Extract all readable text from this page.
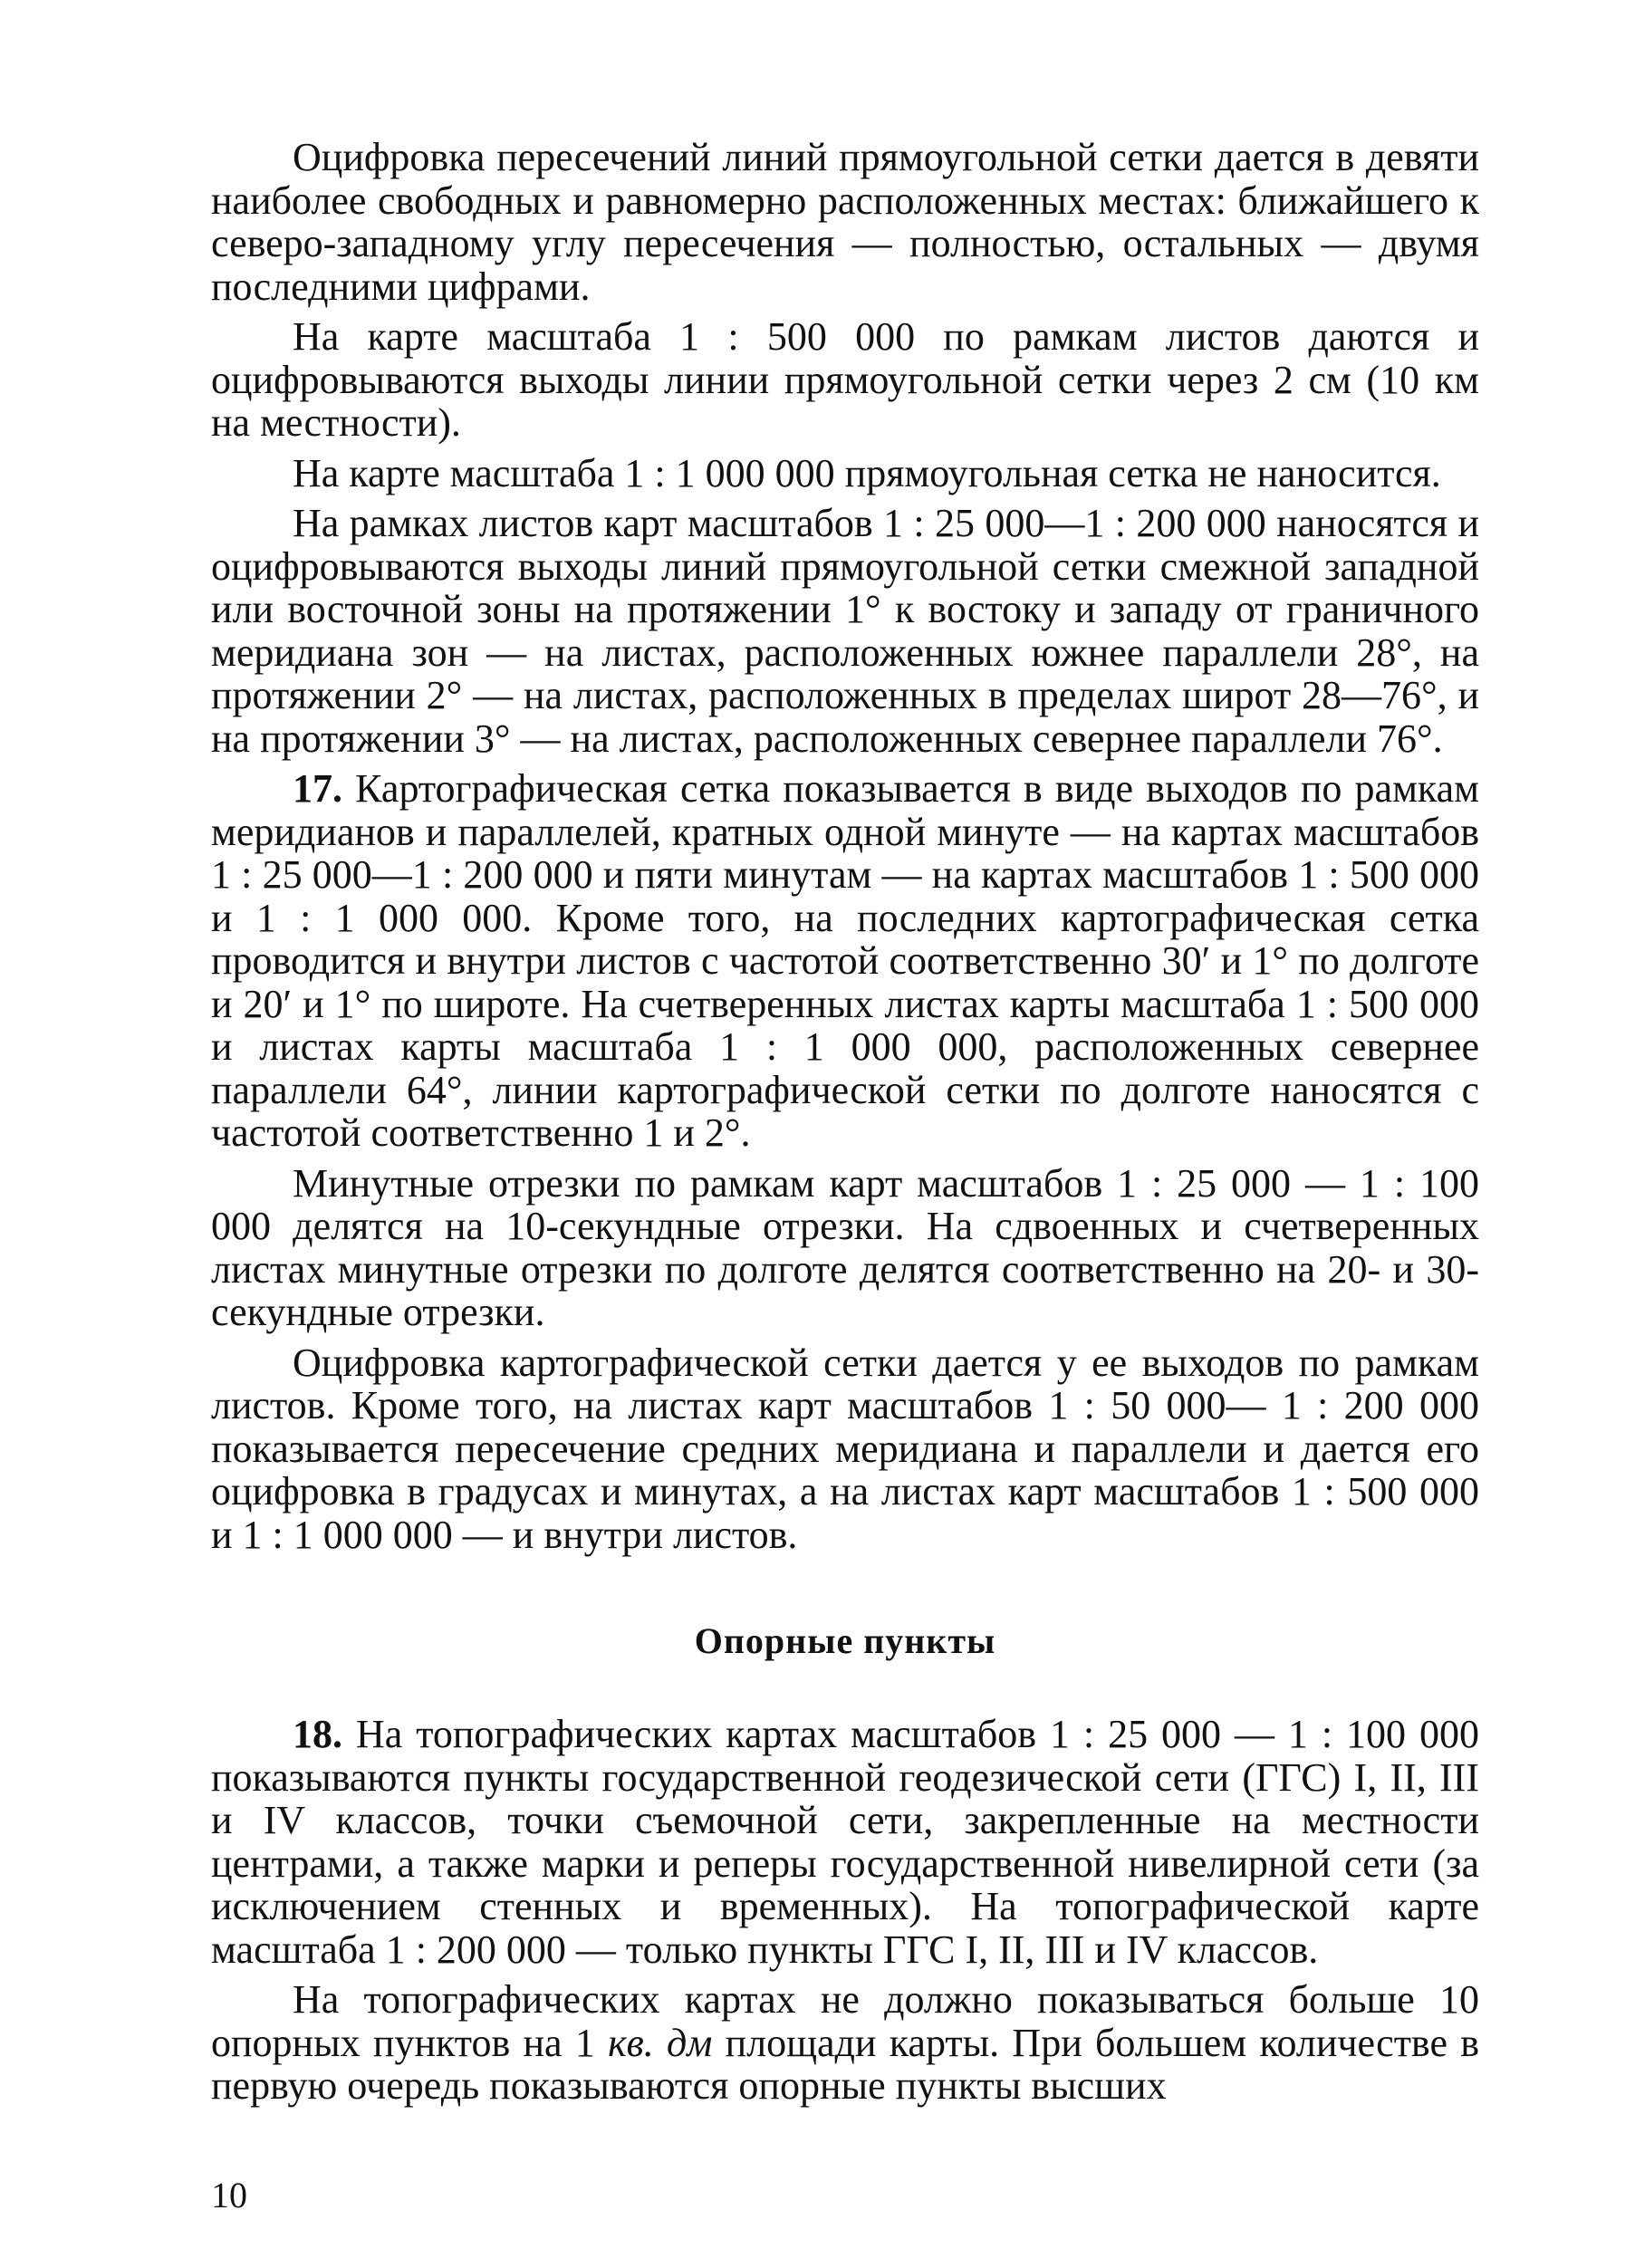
Оцифровка пересечений линий прямоугольной сетки дается в девяти наиболее свободных и равномерно расположенных местах: ближайшего к северо-западному углу пересечения — полностью, остальных — двумя последними цифрами.

На карте масштаба 1 : 500 000 по рамкам листов даются и оцифровываются выходы линии прямоугольной сетки через 2 см (10 км на местности).

На карте масштаба 1 : 1 000 000 прямоугольная сетка не наносится.

На рамках листов карт масштабов 1 : 25 000—1 : 200 000 наносятся и оцифровываются выходы линий прямоугольной сетки смежной западной или восточной зоны на протяжении 1° к востоку и западу от граничного меридиана зон — на листах, расположенных южнее параллели 28°, на протяжении 2° — на листах, расположенных в пределах широт 28—76°, и на протяжении 3° — на листах, расположенных севернее параллели 76°.

17. Картографическая сетка показывается в виде выходов по рамкам меридианов и параллелей, кратных одной минуте — на картах масштабов 1 : 25 000—1 : 200 000 и пяти минутам — на картах масштабов 1 : 500 000 и 1 : 1 000 000. Кроме того, на последних картографическая сетка проводится и внутри листов с частотой соответственно 30′ и 1° по долготе и 20′ и 1° по широте. На счетверенных листах карты масштаба 1 : 500 000 и листах карты масштаба 1 : 1 000 000, расположенных севернее параллели 64°, линии картографической сетки по долготе наносятся с частотой соответственно 1 и 2°.

Минутные отрезки по рамкам карт масштабов 1 : 25 000 — 1 : 100 000 делятся на 10-секундные отрезки. На сдвоенных и счетверенных листах минутные отрезки по долготе делятся соответственно на 20- и 30-секундные отрезки.

Оцифровка картографической сетки дается у ее выходов по рамкам листов. Кроме того, на листах карт масштабов 1 : 50 000— 1 : 200 000 показывается пересечение средних меридиана и параллели и дается его оцифровка в градусах и минутах, а на листах карт масштабов 1 : 500 000 и 1 : 1 000 000 — и внутри листов.

Опорные пункты

18. На топографических картах масштабов 1 : 25 000 — 1 : 100 000 показываются пункты государственной геодезической сети (ГГС) I, II, III и IV классов, точки съемочной сети, закрепленные на местности центрами, а также марки и реперы государственной нивелирной сети (за исключением стенных и временных). На топографической карте масштаба 1 : 200 000 — только пункты ГГС I, II, III и IV классов.

На топографических картах не должно показываться больше 10 опорных пунктов на 1 кв. дм площади карты. При большем количестве в первую очередь показываются опорные пункты высших

10
